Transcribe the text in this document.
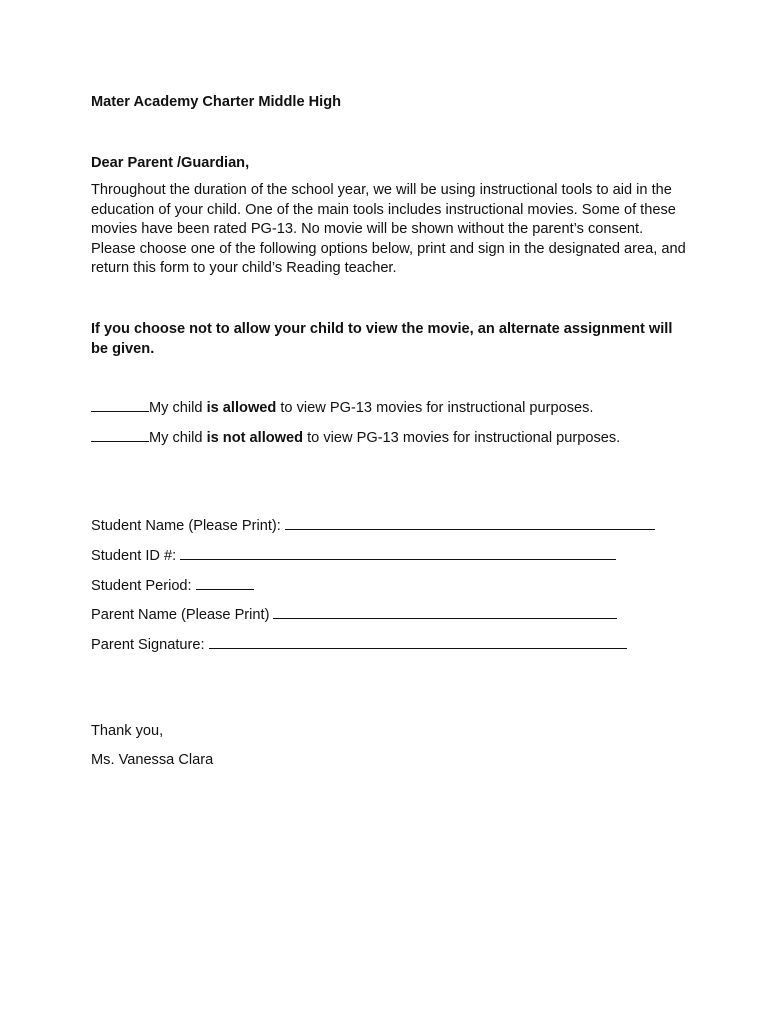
Mater Academy Charter Middle High

Dear Parent /Guardian,

Throughout the duration of the school year, we will be using instructional tools to aid in the education of your child. One of the main tools includes instructional movies. Some of these movies have been rated PG-13. No movie will be shown without the parent’s consent. Please choose one of the following options below, print and sign in the designated area, and return this form to your child’s Reading teacher.

If you choose not to allow your child to view the movie, an alternate assignment will be given.

My child is allowed to view PG-13 movies for instructional purposes.
My child is not allowed to view PG-13 movies for instructional purposes.
Student Name (Please Print):
Student ID #:
Student Period:
Parent Name (Please Print)
Parent Signature:

Thank you,

Ms. Vanessa Clara
